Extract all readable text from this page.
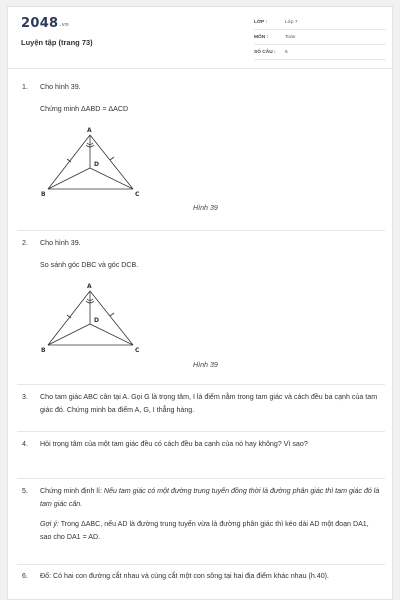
2048.vn
Luyện tập (trang 73)
LỚP :	Lớp 7
MÔN :	Toán
SỐ CÂU :	6
1. Cho hình 39.

Chứng minh ΔABD = ΔACD

A
B	C
D
Hình 39
2. Cho hình 39.

So sánh góc DBC và góc DCB.

A
B	C
D
Hình 39
3. Cho tam giác ABC cân tại A. Gọi G là trọng tâm, I là điểm nằm trong tam giác và cách đều ba cạnh của tam giác đó. Chứng minh ba điểm A, G, I thẳng hàng.

4. Hỏi trọng tâm của một tam giác đều có cách đều ba cạnh của nó hay không? Vì sao?

5. Chứng minh định lí: Nếu tam giác có một đường trung tuyến đồng thời là đường phân giác thì tam giác đó là tam giác cân.

Gợi ý: Trong ΔABC, nếu AD là đường trung tuyến vừa là đường phân giác thì kéo dài AD một đoạn DA1, sao cho DA1 = AD.

6. Đố: Có hai con đường cắt nhau và cùng cắt một con sông tại hai địa điểm khác nhau (h.40).
